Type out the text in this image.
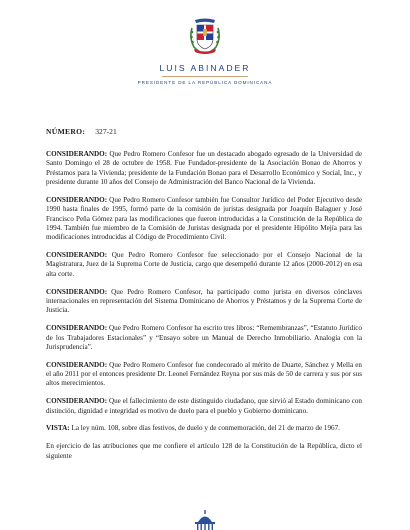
LUIS ABINADER
PRESIDENTE DE LA REPÚBLICA DOMINICANA
NÚMERO: 327-21

CONSIDERANDO: Que Pedro Romero Confesor fue un destacado abogado egresado de la Universidad de Santo Domingo el 28 de octubre de 1958. Fue Fundador-presidente de la Asociación Bonao de Ahorros y Préstamos para la Vivienda; presidente de la Fundación Bonao para el Desarrollo Económico y Social, Inc., y presidente durante 10 años del Consejo de Administración del Banco Nacional de la Vivienda.

CONSIDERANDO: Que Pedro Romero Confesor también fue Consultor Jurídico del Poder Ejecutivo desde 1990 hasta finales de 1995, formó parte de la comisión de juristas designada por Joaquín Balaguer y José Francisco Peña Gómez para las modificaciones que fueron introducidas a la Constitución de la República de 1994. También fue miembro de la Comisión de Juristas designada por el presidente Hipólito Mejía para las modificaciones introducidas al Código de Procedimiento Civil.

CONSIDERANDO: Que Pedro Romero Confesor fue seleccionado por el Consejo Nacional de la Magistratura, Juez de la Suprema Corte de Justicia, cargo que desempeñó durante 12 años (2000-2012) en esa alta corte.

CONSIDERANDO: Que Pedro Romero Confesor, ha participado como jurista en diversos cónclaves internacionales en representación del Sistema Dominicano de Ahorros y Préstamos y de la Suprema Corte de Justicia.

CONSIDERANDO: Que Pedro Romero Confesor ha escrito tres libros: “Remembranzas”, “Estatuto Jurídico de los Trabajadores Estacionales” y “Ensayo sobre un Manual de Derecho Inmobiliario. Analogía con la Jurisprudencia”.

CONSIDERANDO: Que Pedro Romero Confesor fue condecorado al mérito de Duarte, Sánchez y Mella en el año 2011 por el entonces presidente Dr. Leonel Fernández Reyna por sus más de 50 de carrera y sus por sus altos merecimientos.

CONSIDERANDO: Que el fallecimiento de este distinguido ciudadano, que sirvió al Estado dominicano con distinción, dignidad e integridad es motivo de duelo para el pueblo y Gobierno dominicano.

VISTA: La ley núm. 108, sobre días festivos, de duelo y de conmemoración, del 21 de marzo de 1967.

En ejercicio de las atribuciones que me confiere el artículo 128 de la Constitución de la República, dicto el siguiente
